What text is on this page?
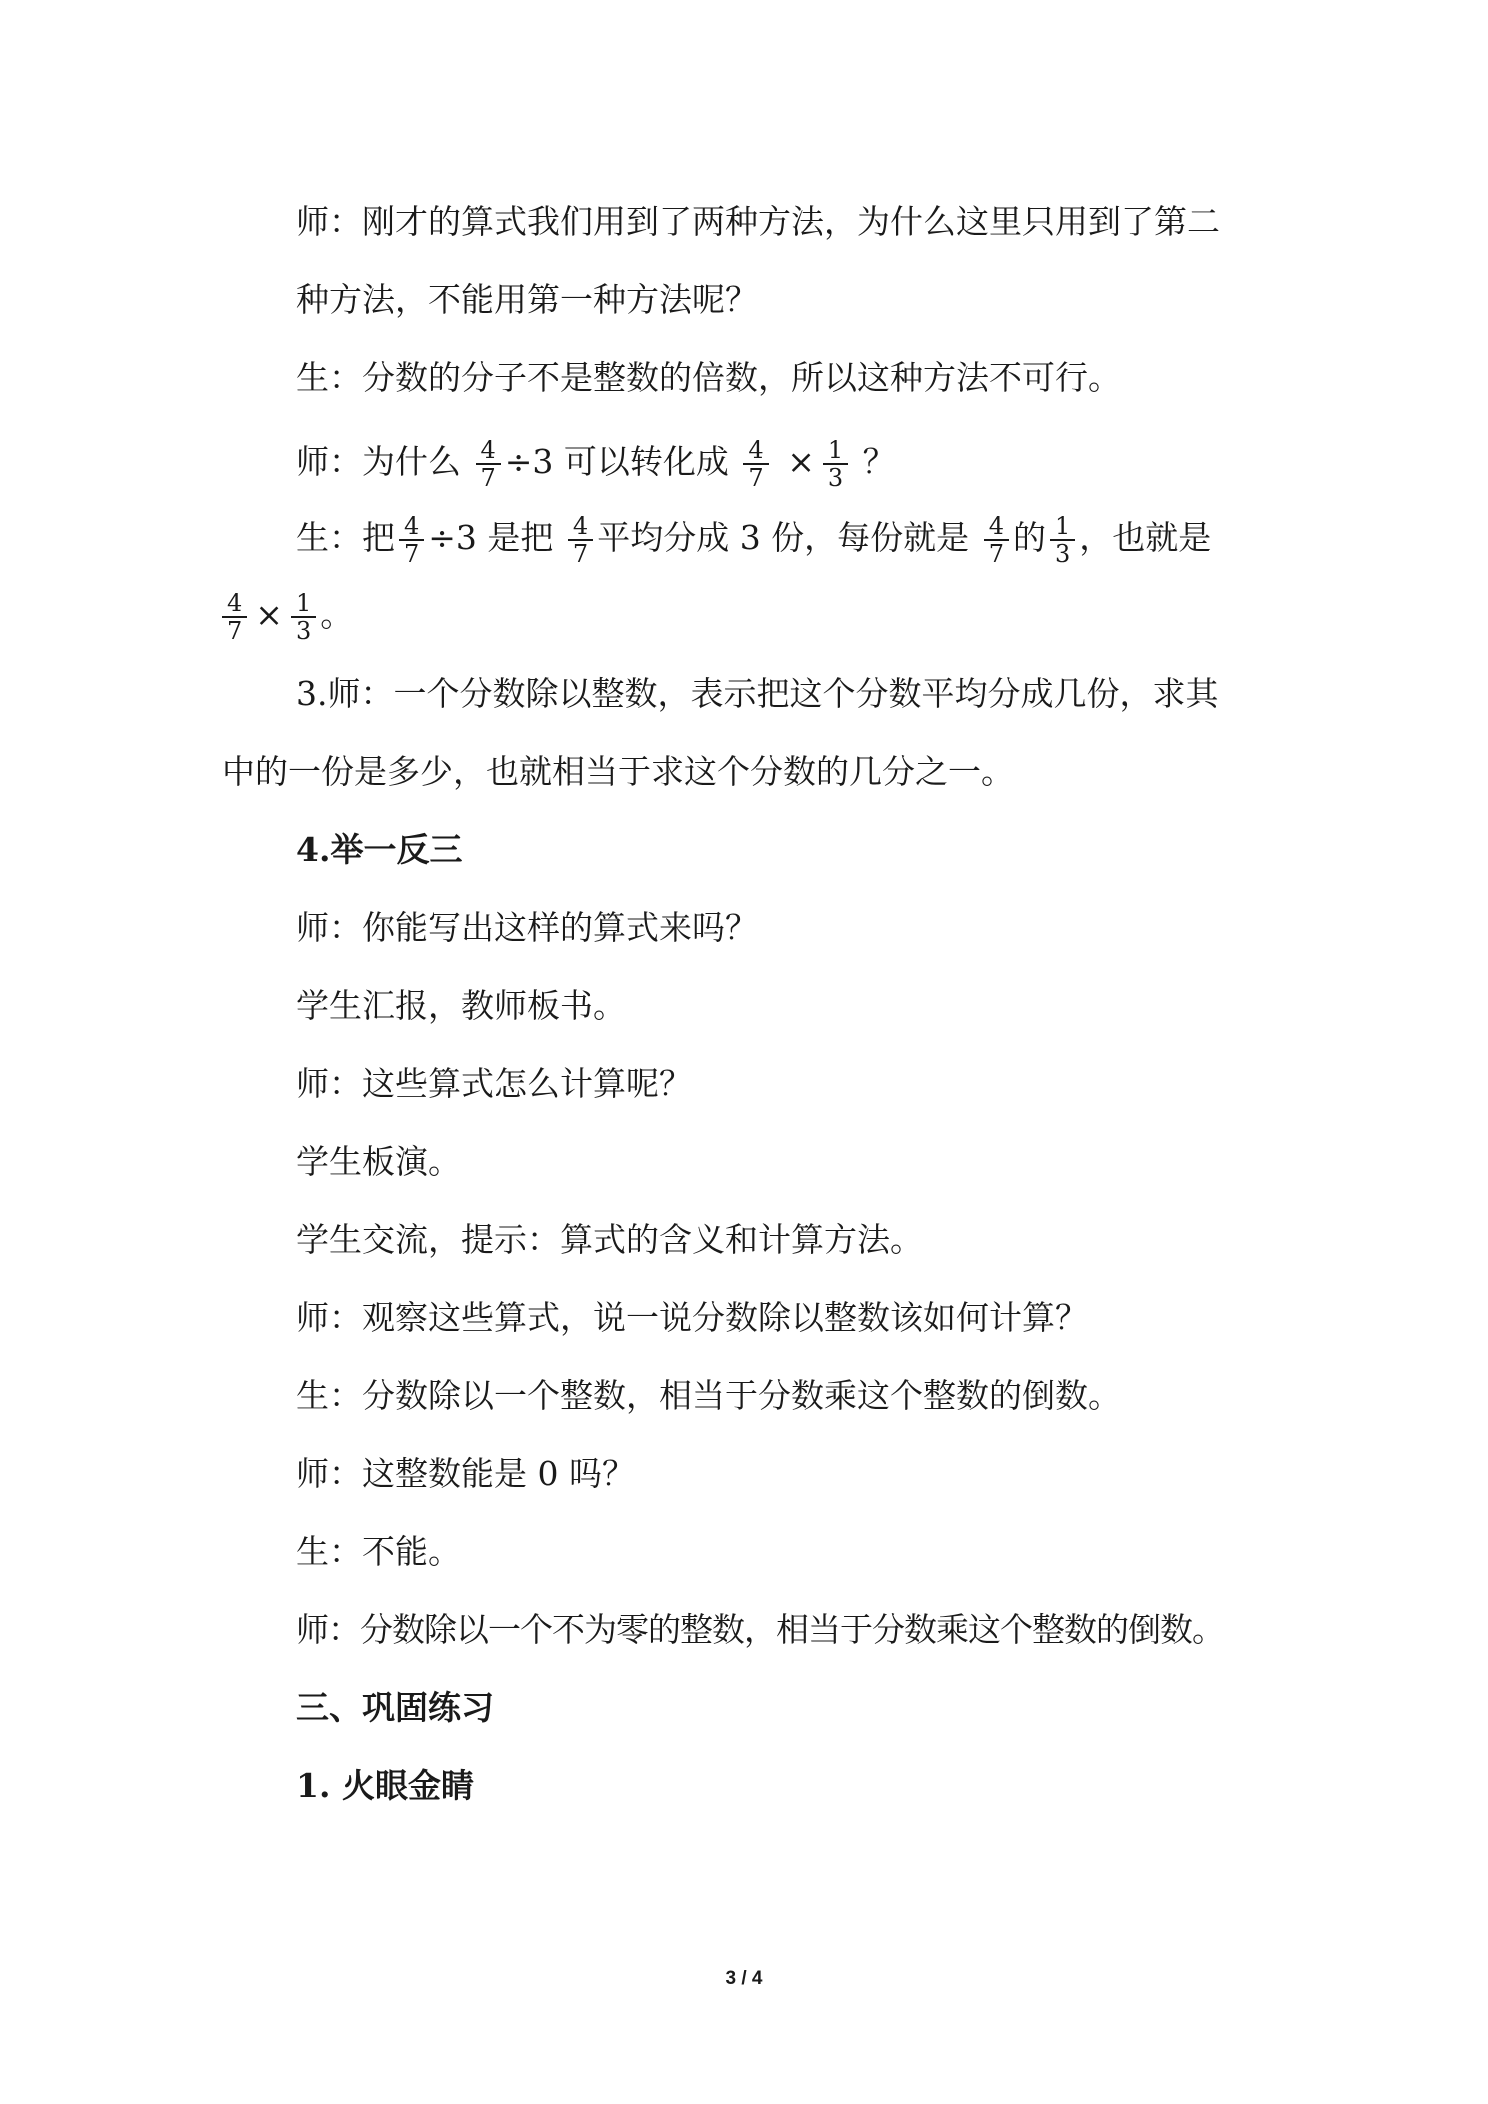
师：刚才的算式我们用到了两种方法，为什么这里只用到了第二
种方法，不能用第一种方法呢？
生：分数的分子不是整数的倍数，所以这种方法不可行。
师：为什么 $\frac{4}{7} \div 3$ 可以转化成 $\frac{4}{7} \times \frac{1}{3}$ ？
生：把 $\frac{4}{7} \div 3$ 是把 $\frac{4}{7}$ 平均分成 3 份，每份就是 $\frac{4}{7}$ 的 $\frac{1}{3}$ ，也就是
$\frac{4}{7} \times \frac{1}{3}$ 。
3.师：一个分数除以整数，表示把这个分数平均分成几份，求其
中的一份是多少，也就相当于求这个分数的几分之一。
4.举一反三
师：你能写出这样的算式来吗？
学生汇报，教师板书。
师：这些算式怎么计算呢？
学生板演。
学生交流，提示：算式的含义和计算方法。
师：观察这些算式，说一说分数除以整数该如何计算？
生：分数除以一个整数，相当于分数乘这个整数的倒数。
师：这整数能是 0 吗？
生：不能。
师：分数除以一个不为零的整数，相当于分数乘这个整数的倒数。
三、巩固练习
1. 火眼金睛
3 / 4
